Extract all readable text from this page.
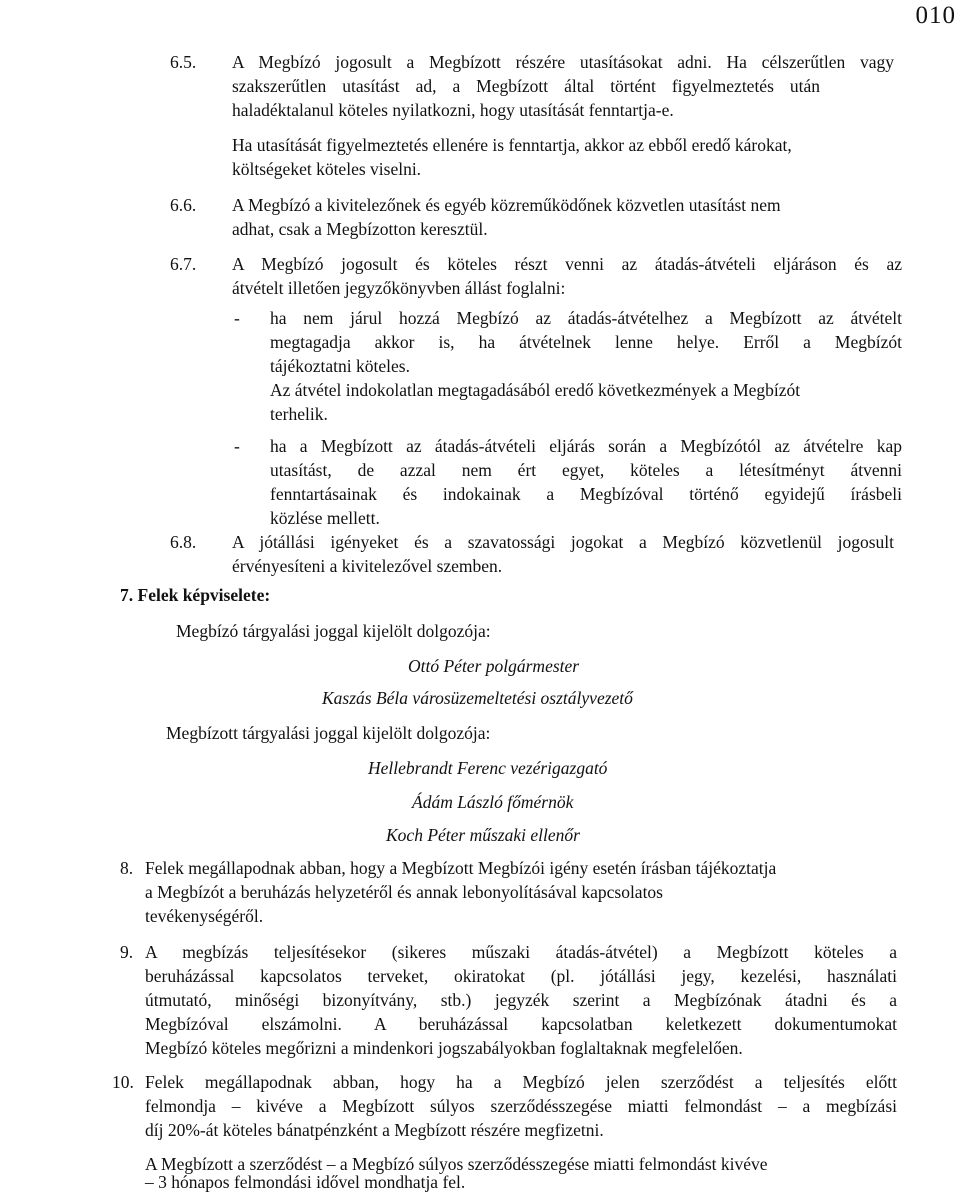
010
6.5. A Megbízó jogosult a Megbízott részére utasításokat adni. Ha célszerűtlen vagy
szakszerűtlen utasítást ad, a Megbízott által történt figyelmeztetés után
haladéktalanul köteles nyilatkozni, hogy utasítását fenntartja-e.
Ha utasítását figyelmeztetés ellenére is fenntartja, akkor az ebből eredő károkat,
költségeket köteles viselni.
6.6. A Megbízó a kivitelezőnek és egyéb közreműködőnek közvetlen utasítást nem
adhat, csak a Megbízotton keresztül.
6.7. A Megbízó jogosult és köteles részt venni az átadás-átvételi eljáráson és az
átvételt illetően jegyzőkönyvben állást foglalni:
- ha nem járul hozzá Megbízó az átadás-átvételhez a Megbízott az átvételt
megtagadja akkor is, ha átvételnek lenne helye. Erről a Megbízót
tájékoztatni köteles.
Az átvétel indokolatlan megtagadásából eredő következmények a Megbízót
terhelik.
- ha a Megbízott az átadás-átvételi eljárás során a Megbízótól az átvételre kap
utasítást, de azzal nem ért egyet, köteles a létesítményt átvenni
fenntartásainak és indokainak a Megbízóval történő egyidejű írásbeli
közlése mellett.
6.8. A jótállási igényeket és a szavatossági jogokat a Megbízó közvetlenül jogosult
érvényesíteni a kivitelezővel szemben.
7. Felek képviselete:
Megbízó tárgyalási joggal kijelölt dolgozója:
Ottó Péter polgármester
Kaszás Béla városüzemeltetési osztályvezető
Megbízott tárgyalási joggal kijelölt dolgozója:
Hellebrandt Ferenc vezérigazgató
Ádám László főmérnök
Koch Péter műszaki ellenőr
8. Felek megállapodnak abban, hogy a Megbízott Megbízói igény esetén írásban tájékoztatja
a Megbízót a beruházás helyzetéről és annak lebonyolításával kapcsolatos
tevékenységéről.
9. A megbízás teljesítésekor (sikeres műszaki átadás-átvétel) a Megbízott köteles a
beruházással kapcsolatos terveket, okiratokat (pl. jótállási jegy, kezelési, használati
útmutató, minőségi bizonyítvány, stb.) jegyzék szerint a Megbízónak átadni és a
Megbízóval elszámolni. A beruházással kapcsolatban keletkezett dokumentumokat
Megbízó köteles megőrizni a mindenkori jogszabályokban foglaltaknak megfelelően.
10. Felek megállapodnak abban, hogy ha a Megbízó jelen szerződést a teljesítés előtt
felmondja – kivéve a Megbízott súlyos szerződésszegése miatti felmondást – a megbízási
díj 20%-át köteles bánatpénzként a Megbízott részére megfizetni.
A Megbízott a szerződést – a Megbízó súlyos szerződésszegése miatti felmondást kivéve
– 3 hónapos felmondási idővel mondhatja fel.
